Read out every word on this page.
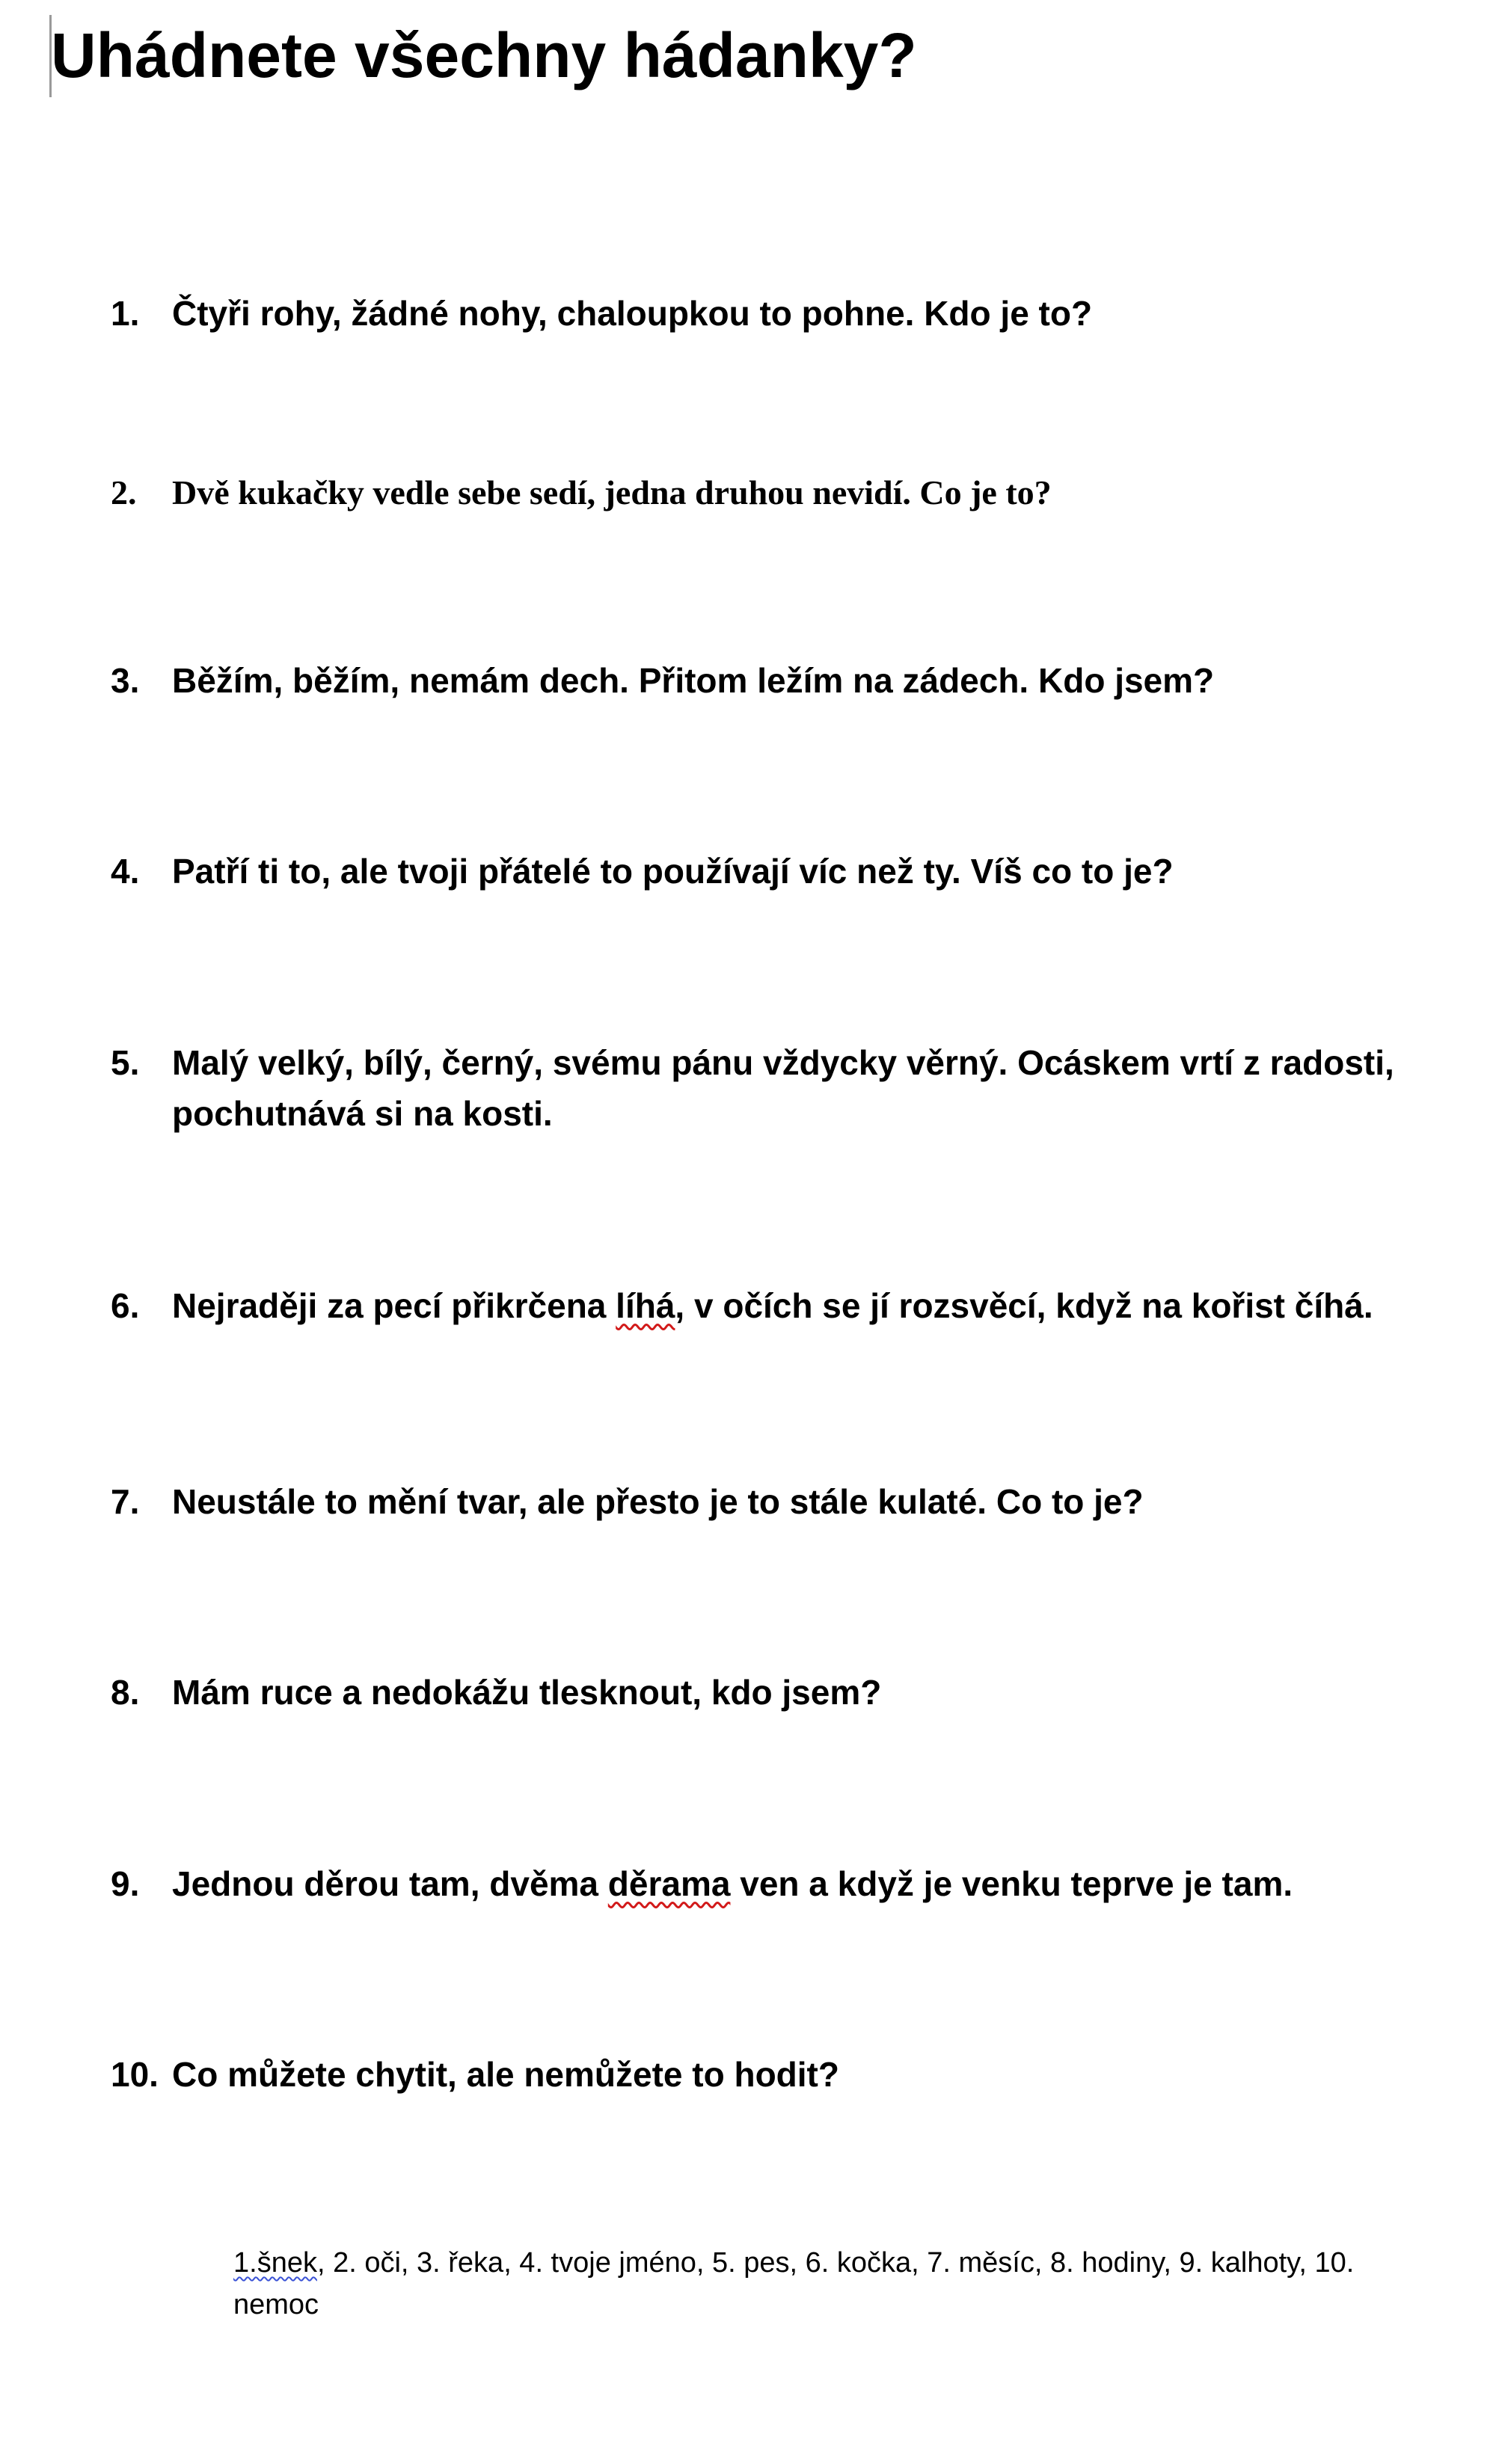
Uhádnete všechny hádanky?
1. Čtyři rohy, žádné nohy, chaloupkou to pohne. Kdo je to?
2. Dvě kukačky vedle sebe sedí, jedna druhou nevidí. Co je to?
3. Běžím, běžím, nemám dech. Přitom ležím na zádech. Kdo jsem?
4. Patří ti to, ale tvoji přátelé to používají víc než ty. Víš co to je?
5. Malý velký, bílý, černý, svému pánu vždycky věrný. Ocáskem vrtí z radosti, pochutnává si na kosti.
6. Nejraději za pecí přikrčena líhá, v očích se jí rozsvěcí, když na kořist číhá.
7. Neustále to mění tvar, ale přesto je to stále kulaté. Co to je?
8. Mám ruce a nedokážu tlesknout, kdo jsem?
9. Jednou děrou tam, dvěma děrama ven a když je venku teprve je tam.
10. Co můžete chytit, ale nemůžete to hodit?
1.šnek, 2. oči, 3. řeka, 4. tvoje jméno, 5. pes, 6. kočka, 7. měsíc, 8. hodiny, 9. kalhoty, 10. nemoc
